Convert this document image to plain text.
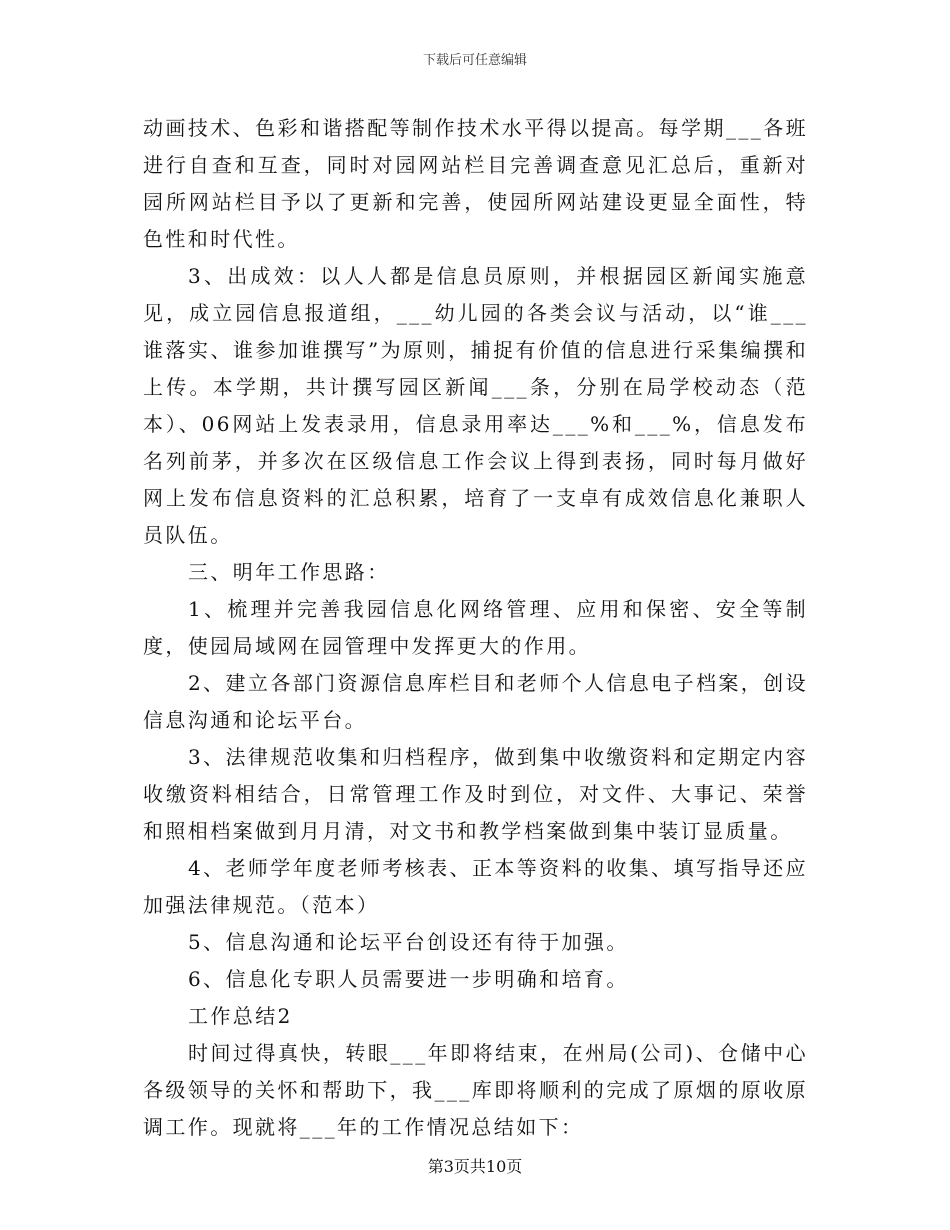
下载后可任意编辑

动画技术、色彩和谐搭配等制作技术水平得以提高。每学期___各班进行自查和互查，同时对园网站栏目完善调查意见汇总后，重新对园所网站栏目予以了更新和完善，使园所网站建设更显全面性，特色性和时代性。

3、出成效：以人人都是信息员原则，并根据园区新闻实施意见，成立园信息报道组，___幼儿园的各类会议与活动，以“谁___谁落实、谁参加谁撰写”为原则，捕捉有价值的信息进行采集编撰和上传。本学期，共计撰写园区新闻___条，分别在局学校动态（范本）、06网站上发表录用，信息录用率达___%和___%，信息发布名列前茅，并多次在区级信息工作会议上得到表扬，同时每月做好网上发布信息资料的汇总积累，培育了一支卓有成效信息化兼职人员队伍。

三、明年工作思路：

1、梳理并完善我园信息化网络管理、应用和保密、安全等制度，使园局域网在园管理中发挥更大的作用。

2、建立各部门资源信息库栏目和老师个人信息电子档案，创设信息沟通和论坛平台。

3、法律规范收集和归档程序，做到集中收缴资料和定期定内容收缴资料相结合，日常管理工作及时到位，对文件、大事记、荣誉和照相档案做到月月清，对文书和教学档案做到集中装订显质量。

4、老师学年度老师考核表、正本等资料的收集、填写指导还应加强法律规范。（范本）

5、信息沟通和论坛平台创设还有待于加强。

6、信息化专职人员需要进一步明确和培育。

工作总结2

时间过得真快，转眼___年即将结束，在州局(公司)、仓储中心各级领导的关怀和帮助下，我___库即将顺利的完成了原烟的原收原调工作。现就将___年的工作情况总结如下：

第3页共10页
